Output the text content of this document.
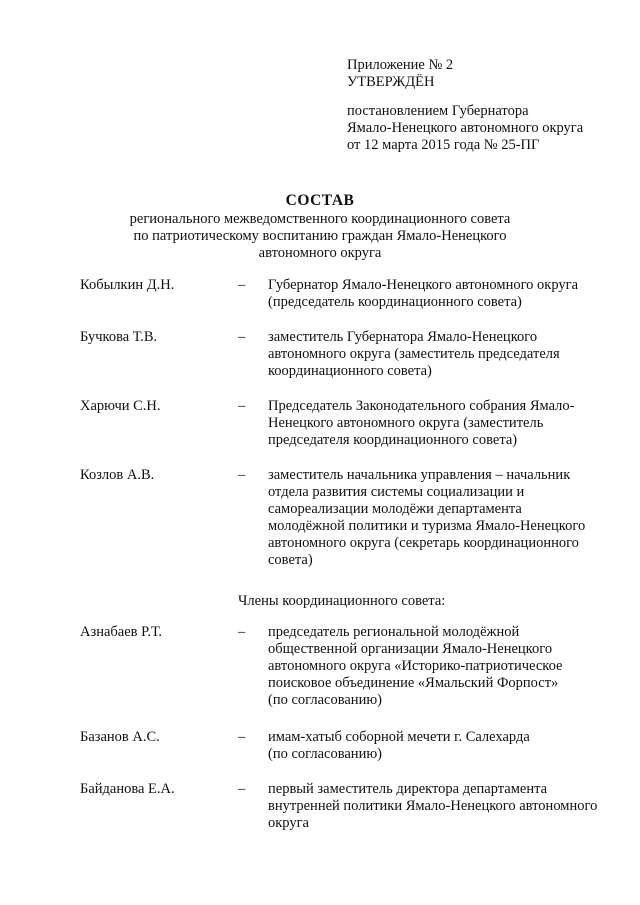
Приложение № 2
УТВЕРЖДЁН
постановлением Губернатора
Ямало-Ненецкого автономного округа
от 12 марта 2015 года № 25-ПГ
СОСТАВ
регионального межведомственного координационного совета
по патриотическому воспитанию граждан Ямало-Ненецкого
автономного округа
Кобылкин Д.Н.	– Губернатор Ямало-Ненецкого автономного округа
(председатель координационного совета)
Бучкова Т.В.	– заместитель Губернатора Ямало-Ненецкого
автономного округа (заместитель председателя
координационного совета)
Харючи С.Н.	– Председатель Законодательного собрания Ямало-
Ненецкого автономного округа (заместитель
председателя координационного совета)
Козлов А.В.	– заместитель начальника управления – начальник
отдела развития системы социализации и
самореализации молодёжи департамента
молодёжной политики и туризма Ямало-Ненецкого
автономного округа (секретарь координационного
совета)
Члены координационного совета:
Азнабаев Р.Т.	– председатель региональной молодёжной
общественной организации Ямало-Ненецкого
автономного округа «Историко-патриотическое
поисковое объединение «Ямальский Форпост»
(по согласованию)
Базанов А.С.	– имам-хатыб соборной мечети г. Салехарда
(по согласованию)
Байданова Е.А.	– первый заместитель директора департамента
внутренней политики Ямало-Ненецкого автономного
округа
